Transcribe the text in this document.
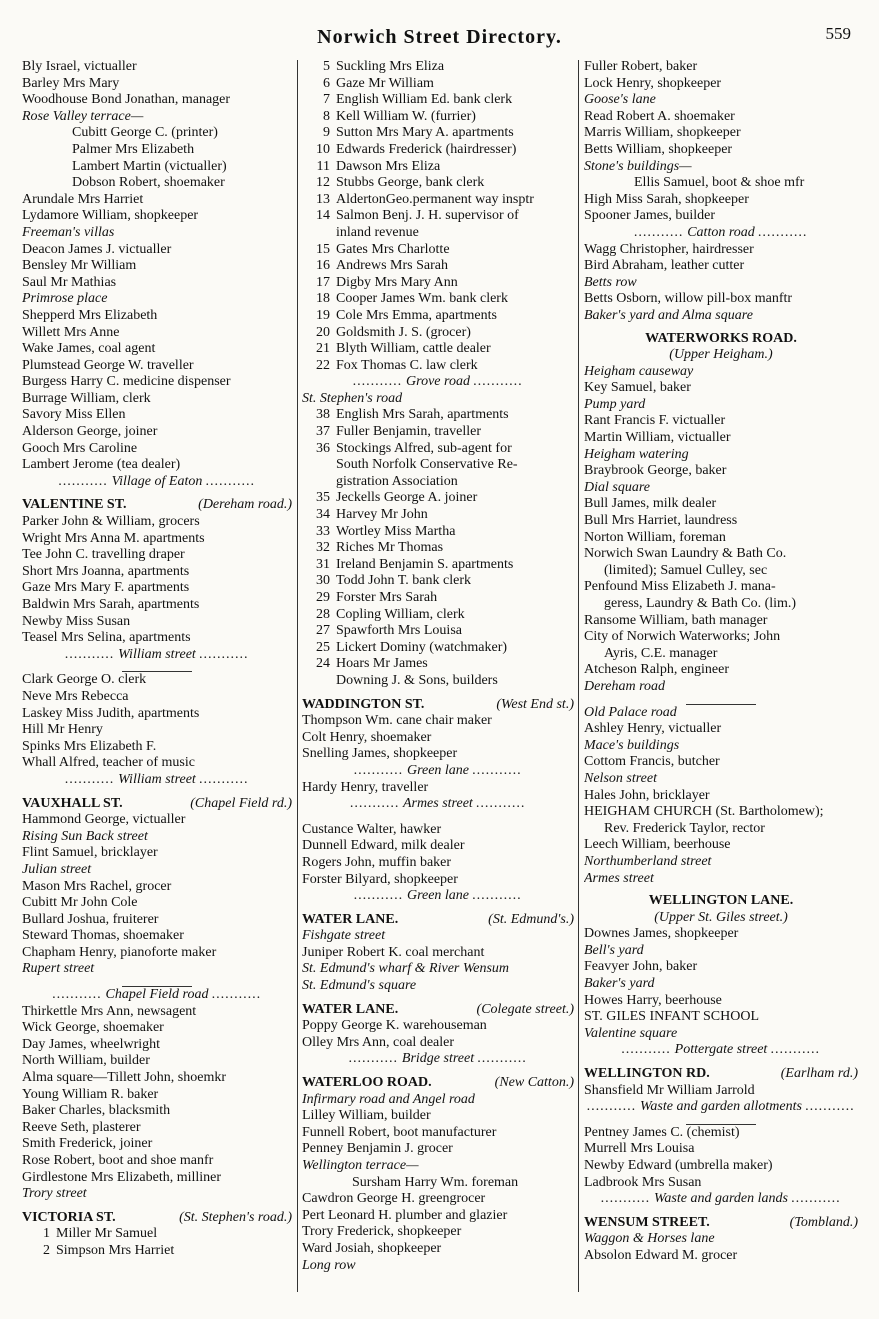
Norwich Street Directory.	559
Bly Israel, victualler
Barley Mrs Mary
Woodhouse Bond Jonathan, manager
Rose Valley terrace—
Cubitt George C. (printer)
Palmer Mrs Elizabeth
Lambert Martin (victualler)
Dobson Robert, shoemaker
Arundale Mrs Harriet
Lydamore William, shopkeeper
Freeman's villas
Deacon James J. victualler
Bensley Mr William
Saul Mr Mathias
Primrose place
Shepperd Mrs Elizabeth
Willett Mrs Anne
Wake James, coal agent
Plumstead George W. traveller
Burgess Harry C. medicine dispenser
Burrage William, clerk
Savory Miss Ellen
Alderson George, joiner
Gooch Mrs Caroline
Lambert Jerome (tea dealer)
........... Village of Eaton ...........
VALENTINE ST.	(Dereham road.)
Parker John & William, grocers
Wright Mrs Anna M. apartments
Tee John C. travelling draper
Short Mrs Joanna, apartments
Gaze Mrs Mary F. apartments
Baldwin Mrs Sarah, apartments
Newby Miss Susan
Teasel Mrs Selina, apartments
........... William street ...........
Clark George O. clerk
Neve Mrs Rebecca
Laskey Miss Judith, apartments
Hill Mr Henry
Spinks Mrs Elizabeth F.
Whall Alfred, teacher of music
........... William street ...........
VAUXHALL ST.	(Chapel Field rd.)
Hammond George, victualler
Rising Sun Back street
Flint Samuel, bricklayer
Julian street
Mason Mrs Rachel, grocer
Cubitt Mr John Cole
Bullard Joshua, fruiterer
Steward Thomas, shoemaker
Chapham Henry, pianoforte maker
Rupert street
........... Chapel Field road ...........
Thirkettle Mrs Ann, newsagent
Wick George, shoemaker
Day James, wheelwright
North William, builder
Alma square—Tillett John, shoemkr
Young William R. baker
Baker Charles, blacksmith
Reeve Seth, plasterer
Smith Frederick, joiner
Rose Robert, boot and shoe manfr
Girdlestone Mrs Elizabeth, milliner
Trory street
VICTORIA ST.	(St. Stephen's road.)
1 Miller Mr Samuel
2 Simpson Mrs Harriet
5 Suckling Mrs Eliza
6 Gaze Mr William
7 English William Ed. bank clerk
8 Kell William W. (furrier)
9 Sutton Mrs Mary A. apartments
10 Edwards Frederick (hairdresser)
11 Dawson Mrs Eliza
12 Stubbs George, bank clerk
13 AldertonGeo.permanent way insptr
14 Salmon Benj. J. H. supervisor of
inland revenue
15 Gates Mrs Charlotte
16 Andrews Mrs Sarah
17 Digby Mrs Mary Ann
18 Cooper James Wm. bank clerk
19 Cole Mrs Emma, apartments
20 Goldsmith J. S. (grocer)
21 Blyth William, cattle dealer
22 Fox Thomas C. law clerk
........... Grove road ...........
St. Stephen's road
38 English Mrs Sarah, apartments
37 Fuller Benjamin, traveller
36 Stockings Alfred, sub-agent for
South Norfolk Conservative Re-
gistration Association
35 Jeckells George A. joiner
34 Harvey Mr John
33 Wortley Miss Martha
32 Riches Mr Thomas
31 Ireland Benjamin S. apartments
30 Todd John T. bank clerk
29 Forster Mrs Sarah
28 Copling William, clerk
27 Spawforth Mrs Louisa
25 Lickert Dominy (watchmaker)
24 Hoars Mr James
Downing J. & Sons, builders
WADDINGTON ST.	(West End st.)
Thompson Wm. cane chair maker
Colt Henry, shoemaker
Snelling James, shopkeeper
........... Green lane ...........
Hardy Henry, traveller
........... Armes street ...........
Custance Walter, hawker
Dunnell Edward, milk dealer
Rogers John, muffin baker
Forster Bilyard, shopkeeper
........... Green lane ...........
WATER LANE.	(St. Edmund's.)
Fishgate street
Juniper Robert K. coal merchant
St. Edmund's wharf & River Wensum
St. Edmund's square
WATER LANE.	(Colegate street.)
Poppy George K. warehouseman
Olley Mrs Ann, coal dealer
........... Bridge street ...........
WATERLOO ROAD.	(New Catton.)
Infirmary road and Angel road
Lilley William, builder
Funnell Robert, boot manufacturer
Penney Benjamin J. grocer
Wellington terrace—
Sursham Harry Wm. foreman
Cawdron George H. greengrocer
Pert Leonard H. plumber and glazier
Trory Frederick, shopkeeper
Ward Josiah, shopkeeper
Long row
Fuller Robert, baker
Lock Henry, shopkeeper
Goose's lane
Read Robert A. shoemaker
Marris William, shopkeeper
Betts William, shopkeeper
Stone's buildings—
Ellis Samuel, boot & shoe mfr
High Miss Sarah, shopkeeper
Spooner James, builder
........... Catton road ...........
Wagg Christopher, hairdresser
Bird Abraham, leather cutter
Betts row
Betts Osborn, willow pill-box manftr
Baker's yard and Alma square
WATERWORKS ROAD.
(Upper Heigham.)
Heigham causeway
Key Samuel, baker
Pump yard
Rant Francis F. victualler
Martin William, victualler
Heigham watering
Braybrook George, baker
Dial square
Bull James, milk dealer
Bull Mrs Harriet, laundress
Norton William, foreman
Norwich Swan Laundry & Bath Co.
(limited); Samuel Culley, sec
Penfound Miss Elizabeth J. mana-
geress, Laundry & Bath Co. (lim.)
Ransome William, bath manager
City of Norwich Waterworks; John
Ayris, C.E. manager
Atcheson Ralph, engineer
Dereham road
Old Palace road
Ashley Henry, victualler
Mace's buildings
Cottom Francis, butcher
Nelson street
Hales John, bricklayer
HEIGHAM CHURCH (St. Bartholomew);
Rev. Frederick Taylor, rector
Leech William, beerhouse
Northumberland street
Armes street
WELLINGTON LANE.
(Upper St. Giles street.)
Downes James, shopkeeper
Bell's yard
Feavyer John, baker
Baker's yard
Howes Harry, beerhouse
ST. GILES INFANT SCHOOL
Valentine square
........... Pottergate street ...........
WELLINGTON RD.	(Earlham rd.)
Shansfield Mr William Jarrold
........... Waste and garden allotments ...........
Pentney James C. (chemist)
Murrell Mrs Louisa
Newby Edward (umbrella maker)
Ladbrook Mrs Susan
........... Waste and garden lands ...........
WENSUM STREET.	(Tombland.)
Waggon & Horses lane
Absolon Edward M. grocer
